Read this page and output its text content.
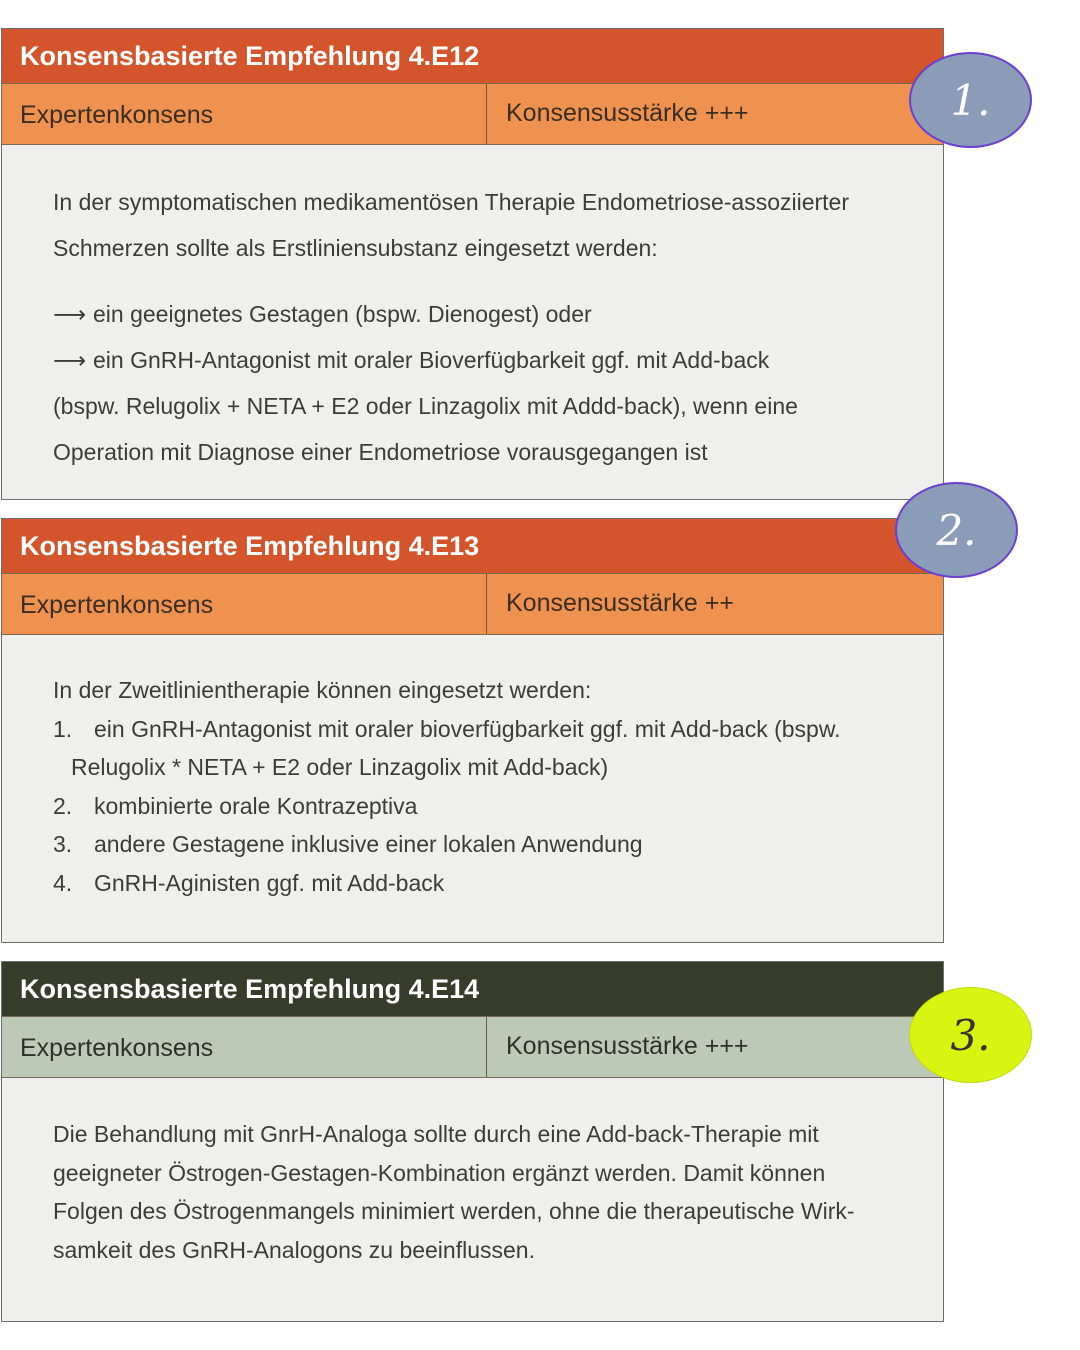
Konsensbasierte Empfehlung 4.E12
Expertenkonsens	Konsensusstärke +++

In der symptomatischen medikamentösen Therapie Endometriose-assoziierter

Schmerzen sollte als Erstliniensubstanz eingesetzt werden:

⟶ ein geeignetes Gestagen (bspw. Dienogest) oder

⟶ ein GnRH-Antagonist mit oraler Bioverfügbarkeit ggf. mit Add-back

(bspw. Relugolix + NETA + E2 oder Linzagolix mit Addd-back), wenn eine

Operation mit Diagnose einer Endometriose vorausgegangen ist

Konsensbasierte Empfehlung 4.E13
Expertenkonsens	Konsensusstärke ++

In der Zweitlinientherapie können eingesetzt werden:

1. ein GnRH-Antagonist mit oraler bioverfügbarkeit ggf. mit Add-back (bspw.
Relugolix * NETA + E2 oder Linzagolix mit Add-back)
2. kombinierte orale Kontrazeptiva
3. andere Gestagene inklusive einer lokalen Anwendung
4. GnRH-Aginisten ggf. mit Add-back
Konsensbasierte Empfehlung 4.E14
Expertenkonsens	Konsensusstärke +++

Die Behandlung mit GnrH-Analoga sollte durch eine Add-back-Therapie mit

geeigneter Östrogen-Gestagen-Kombination ergänzt werden. Damit können

Folgen des Östrogenmangels minimiert werden, ohne die therapeutische Wirk-

samkeit des GnRH-Analogons zu beeinflussen.

1.
2.
3.
